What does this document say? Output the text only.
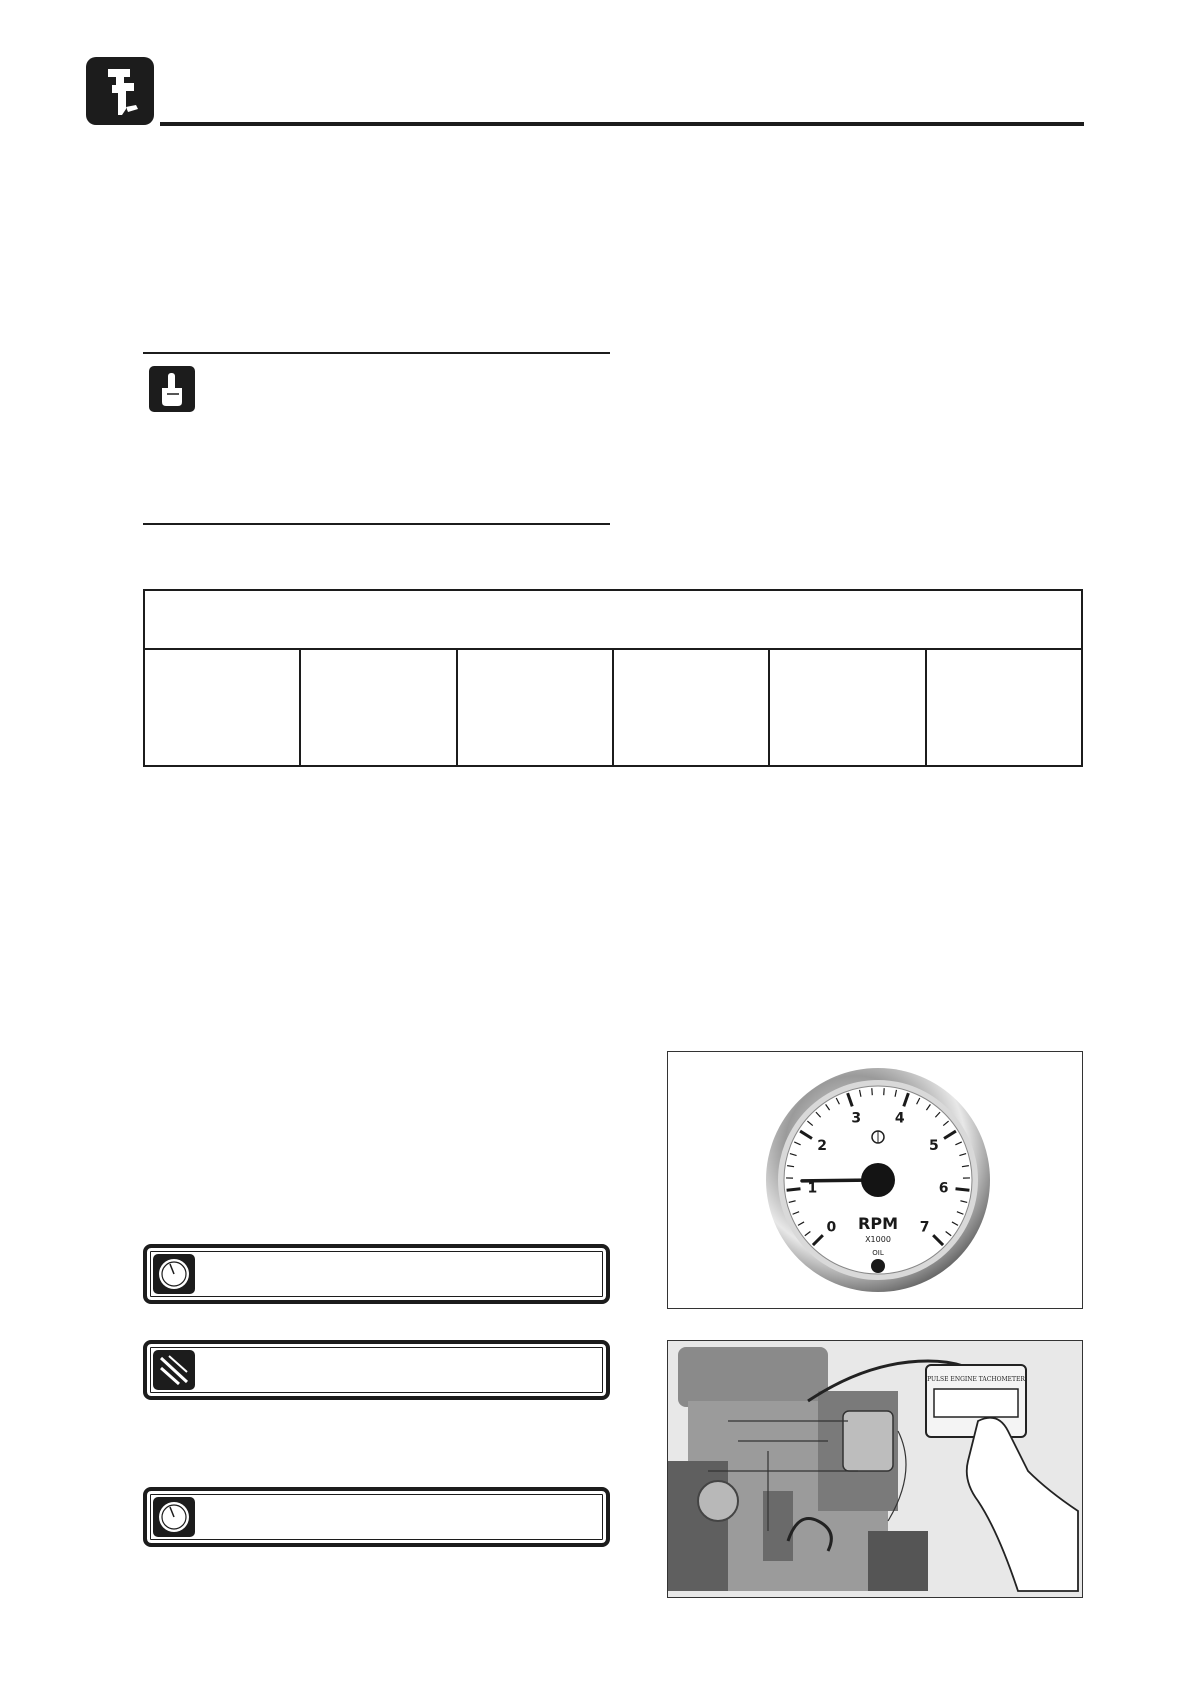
0
1
2
3 4
5
6
7
RPM
X1000
OIL
PULSE ENGINE TACHOMETER
